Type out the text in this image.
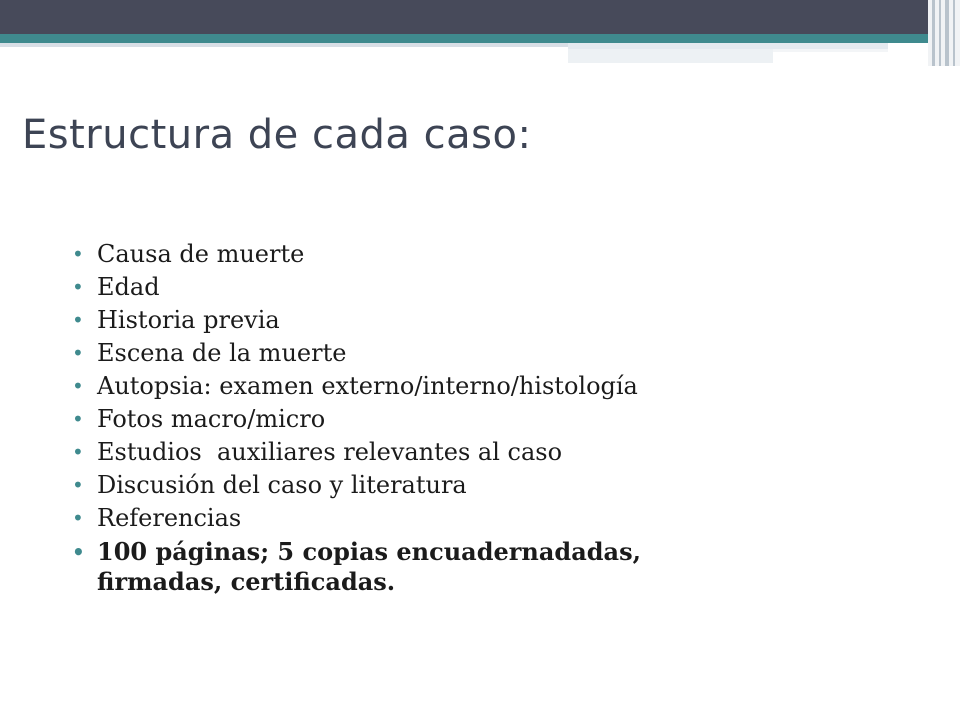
Estructura de cada caso:
• Causa de muerte
• Edad
• Historia previa
• Escena de la muerte
• Autopsia: examen externo/interno/histología
• Fotos macro/micro
• Estudios  auxiliares relevantes al caso
• Discusión del caso y literatura
• Referencias
• 100 páginas; 5 copias encuadernadadas,
firmadas, certificadas.
